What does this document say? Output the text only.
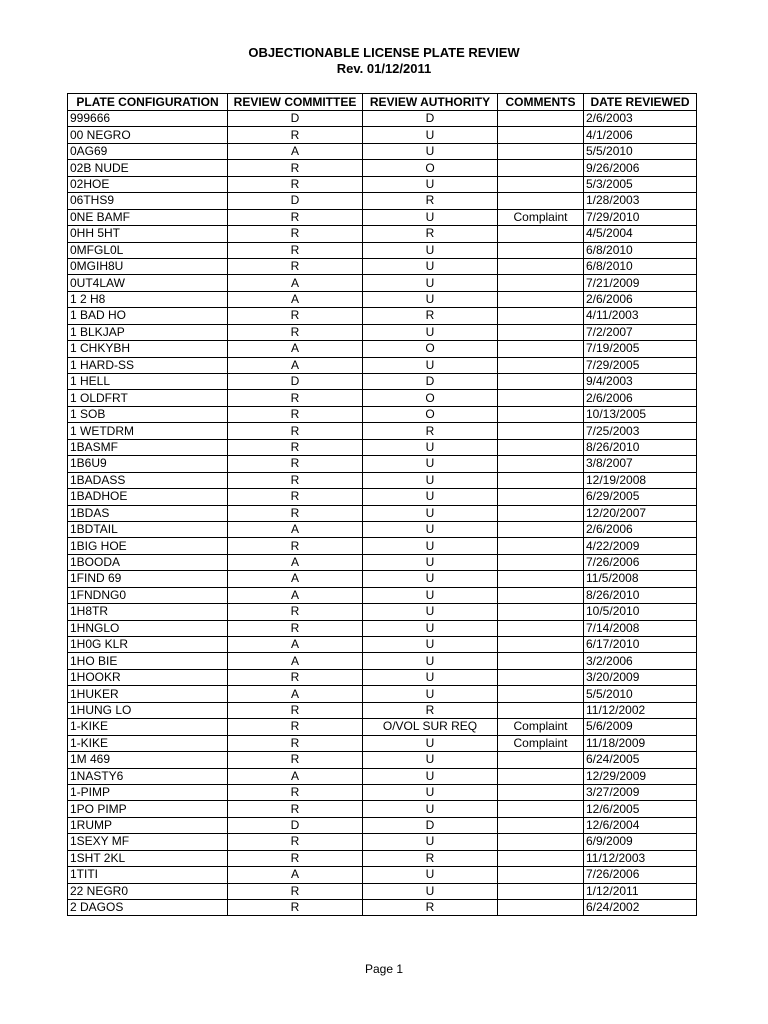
OBJECTIONABLE LICENSE PLATE REVIEW
Rev. 01/12/2011
PLATE CONFIGURATION	REVIEW COMMITTEE	REVIEW AUTHORITY	COMMENTS	DATE REVIEWED
999666	D	D		2/6/2003
00 NEGRO	R	U		4/1/2006
0AG69	A	U		5/5/2010
02B NUDE	R	O		9/26/2006
02HOE	R	U		5/3/2005
06THS9	D	R		1/28/2003
0NE BAMF	R	U	Complaint	7/29/2010
0HH 5HT	R	R		4/5/2004
0MFGL0L	R	U		6/8/2010
0MGIH8U	R	U		6/8/2010
0UT4LAW	A	U		7/21/2009
1 2 H8	A	U		2/6/2006
1 BAD HO	R	R		4/11/2003
1 BLKJAP	R	U		7/2/2007
1 CHKYBH	A	O		7/19/2005
1 HARD-SS	A	U		7/29/2005
1 HELL	D	D		9/4/2003
1 OLDFRT	R	O		2/6/2006
1 SOB	R	O		10/13/2005
1 WETDRM	R	R		7/25/2003
1BASMF	R	U		8/26/2010
1B6U9	R	U		3/8/2007
1BADASS	R	U		12/19/2008
1BADHOE	R	U		6/29/2005
1BDAS	R	U		12/20/2007
1BDTAIL	A	U		2/6/2006
1BIG HOE	R	U		4/22/2009
1BOODA	A	U		7/26/2006
1FIND 69	A	U		11/5/2008
1FNDNG0	A	U		8/26/2010
1H8TR	R	U		10/5/2010
1HNGLO	R	U		7/14/2008
1H0G KLR	A	U		6/17/2010
1HO BIE	A	U		3/2/2006
1HOOKR	R	U		3/20/2009
1HUKER	A	U		5/5/2010
1HUNG LO	R	R		11/12/2002
1-KIKE	R	O/VOL SUR REQ	Complaint	5/6/2009
1-KIKE	R	U	Complaint	11/18/2009
1M 469	R	U		6/24/2005
1NASTY6	A	U		12/29/2009
1-PIMP	R	U		3/27/2009
1PO PIMP	R	U		12/6/2005
1RUMP	D	D		12/6/2004
1SEXY MF	R	U		6/9/2009
1SHT 2KL	R	R		11/12/2003
1TITI	A	U		7/26/2006
22 NEGR0	R	U		1/12/2011
2 DAGOS	R	R		6/24/2002
Page 1
